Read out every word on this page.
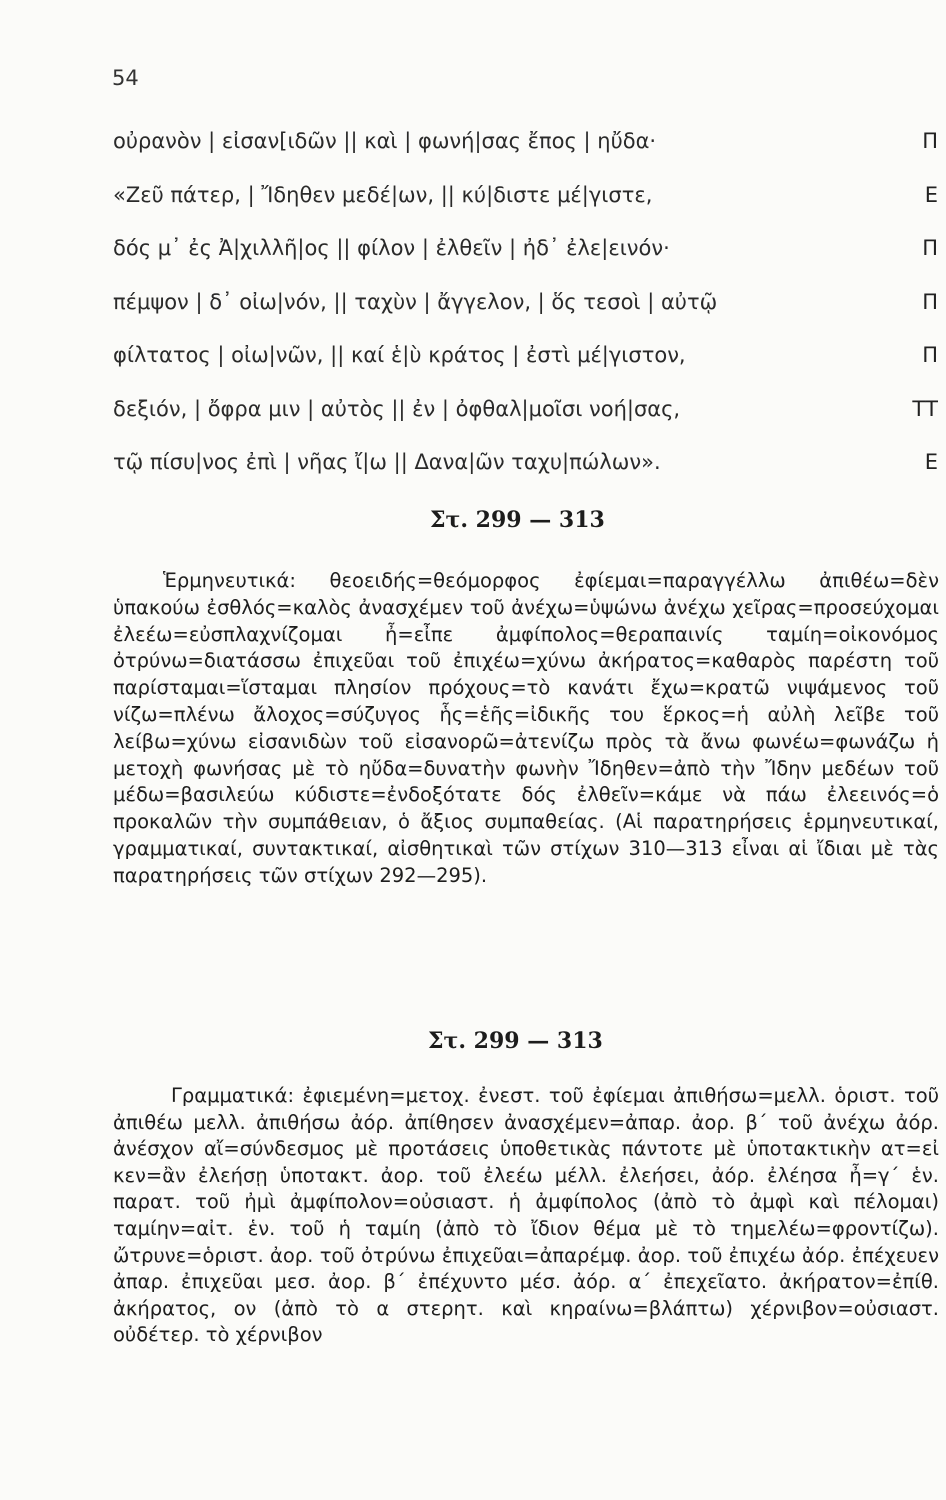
54
οὐρανὸν | εἰσαν[ιδῶν || καὶ | φωνή|σας ἔπος | ηὔδα·	Π
«Ζεῦ πάτερ, | Ἴδηθεν μεδέ|ων, || κύ|διστε μέ|γιστε,	Ε
δός μ᾽ ἐς Ἀ|χιλλῆ|ος || φίλον | ἐλθεῖν | ἠδ᾽ ἐλε|εινόν·	Π
πέμψον | δ᾽ οἰω|νόν, || ταχὺν | ἄγγελον, | ὅς τεσοὶ | αὐτῷ	Π
φίλτατος | οἰω|νῶν, || καί ἑ|ὺ κράτος | ἐστὶ μέ|γιστον,	Π
δεξιόν, | ὄφρα μιν | αὐτὸς || ἐν | ὀφθαλ|μοῖσι νοή|σας,	ΤΤ
τῷ πίσυ|νος ἐπὶ | νῆας ἴ|ω || Δανα|ῶν ταχυ|πώλων».	Ε
Στ. 299 — 313
Ἑρμηνευτικά: θεοειδής=θεόμορφος ἐφίεμαι=παραγγέλλω ἀπιθέω=δὲν ὑπακούω ἐσθλός=καλὸς ἀνασχέμεν τοῦ ἀνέχω=ὑψώνω ἀνέχω χεῖρας=προσεύχομαι ἐλεέω=εὐσπλαχνίζομαι ἦ=εἶπε ἀμφίπολος=θεραπαινίς ταμίη=οἰκονόμος ὀτρύνω=διατάσσω ἐπιχεῦαι τοῦ ἐπιχέω=χύνω ἀκήρατος=καθαρὸς παρέστη τοῦ παρίσταμαι=ἵσταμαι πλησίον πρόχους=τὸ κανάτι ἔχω=κρατῶ νιψάμενος τοῦ νίζω=πλένω ἄλοχος=σύζυγος ἧς=ἑῆς=ἰδικῆς του ἕρκος=ἡ αὐλὴ λεῖβε τοῦ λείβω=χύνω εἰσανιδὼν τοῦ εἰσανορῶ=ἀτενίζω πρὸς τὰ ἄνω φωνέω=φωνάζω ἡ μετοχὴ φωνήσας μὲ τὸ ηὔδα=δυνατὴν φωνὴν Ἴδηθεν=ἀπὸ τὴν Ἴδην μεδέων τοῦ μέδω=βασιλεύω κύδιστε=ἐνδοξότατε δός ἐλθεῖν=κάμε νὰ πάω ἐλεεινός=ὁ προκαλῶν τὴν συμπάθειαν, ὁ ἄξιος συμπαθείας. (Αἱ παρατηρήσεις ἑρμηνευτικαί, γραμματικαί, συντακτικαί, αἰσθητικαὶ τῶν στίχων 310—313 εἶναι αἱ ἴδιαι μὲ τὰς παρατηρήσεις τῶν στίχων 292—295).
Στ. 299 — 313
Γραμματικά: ἐφιεμένη=μετοχ. ἐνεστ. τοῦ ἐφίεμαι ἀπιθήσω=μελλ. ὁριστ. τοῦ ἀπιθέω μελλ. ἀπιθήσω ἀόρ. ἀπίθησεν ἀνασχέμεν=ἀπαρ. ἀορ. β΄ τοῦ ἀνέχω ἀόρ. ἀνέσχον αἴ=σύνδεσμος μὲ προτάσεις ὑποθετικὰς πάντοτε μὲ ὑποτακτικὴν ατ=εἰ κεν=ἂν ἐλεήσῃ ὑποτακτ. ἀορ. τοῦ ἐλεέω μέλλ. ἐλεήσει, ἀόρ. ἐλέησα ἦ=γ΄ ἑν. παρατ. τοῦ ἠμὶ ἀμφίπολον=οὐσιαστ. ἡ ἀμφίπολος (ἀπὸ τὸ ἀμφὶ καὶ πέλομαι) ταμίην=αἰτ. ἑν. τοῦ ἡ ταμίη (ἀπὸ τὸ ἴδιον θέμα μὲ τὸ τημελέω=φροντίζω). ὤτρυνε=ὁριστ. ἀορ. τοῦ ὀτρύνω ἐπιχεῦαι=ἀπαρέμφ. ἀορ. τοῦ ἐπιχέω ἀόρ. ἐπέχευεν ἀπαρ. ἐπιχεῦαι μεσ. ἀορ. β΄ ἐπέχυντο μέσ. ἀόρ. α΄ ἐπεχεῖατο. ἀκήρατον=ἐπίθ. ἀκήρατος, ον (ἀπὸ τὸ α στερητ. καὶ κηραίνω=βλάπτω) χέρνιβον=οὐσιαστ. οὐδέτερ. τὸ χέρνιβον
